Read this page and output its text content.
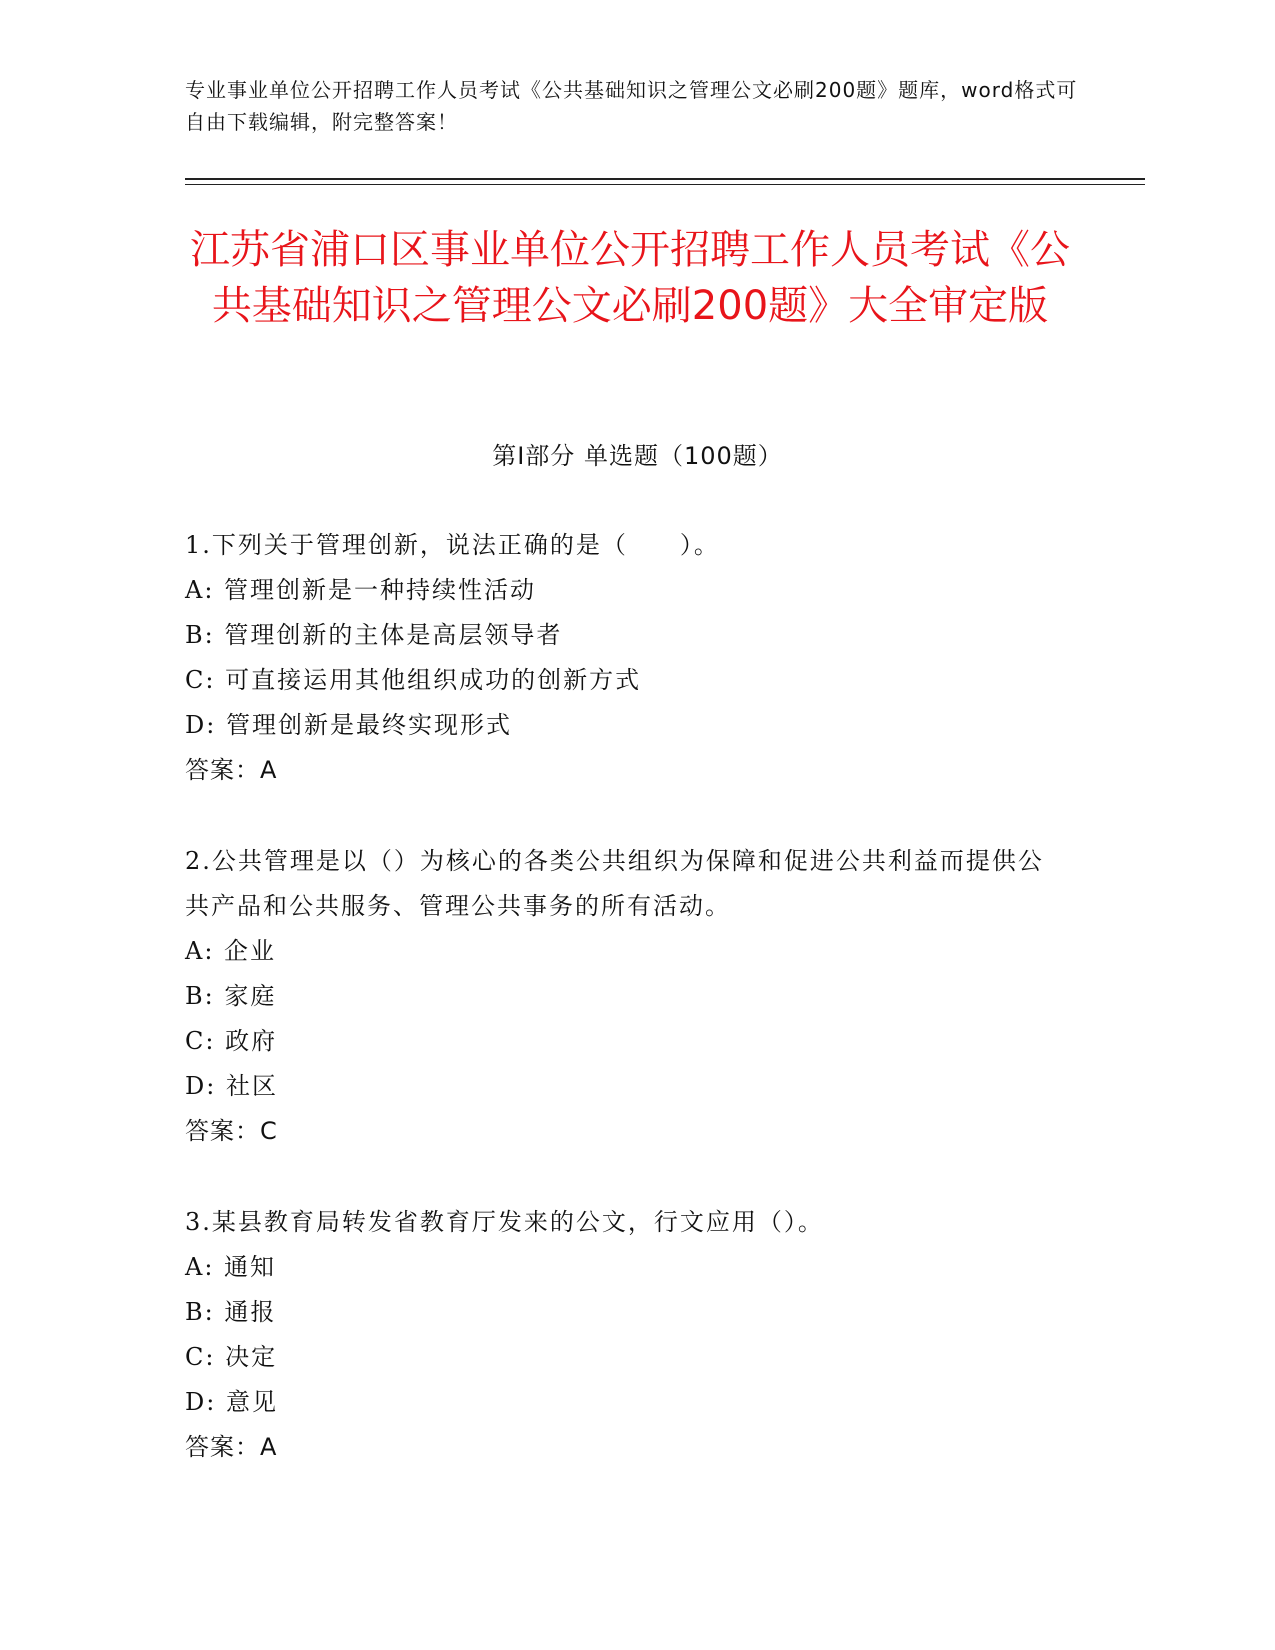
专业事业单位公开招聘工作人员考试《公共基础知识之管理公文必刷200题》题库，word格式可自由下载编辑，附完整答案！
江苏省浦口区事业单位公开招聘工作人员考试《公共基础知识之管理公文必刷200题》大全审定版
第I部分 单选题（100题）

1.下列关于管理创新，说法正确的是（　　）。

A: 管理创新是一种持续性活动

B: 管理创新的主体是高层领导者

C: 可直接运用其他组织成功的创新方式

D: 管理创新是最终实现形式

答案：A

2.公共管理是以（）为核心的各类公共组织为保障和促进公共利益而提供公共产品和公共服务、管理公共事务的所有活动。

A: 企业

B: 家庭

C: 政府

D: 社区

答案：C

3.某县教育局转发省教育厅发来的公文，行文应用（）。

A: 通知

B: 通报

C: 决定

D: 意见

答案：A
